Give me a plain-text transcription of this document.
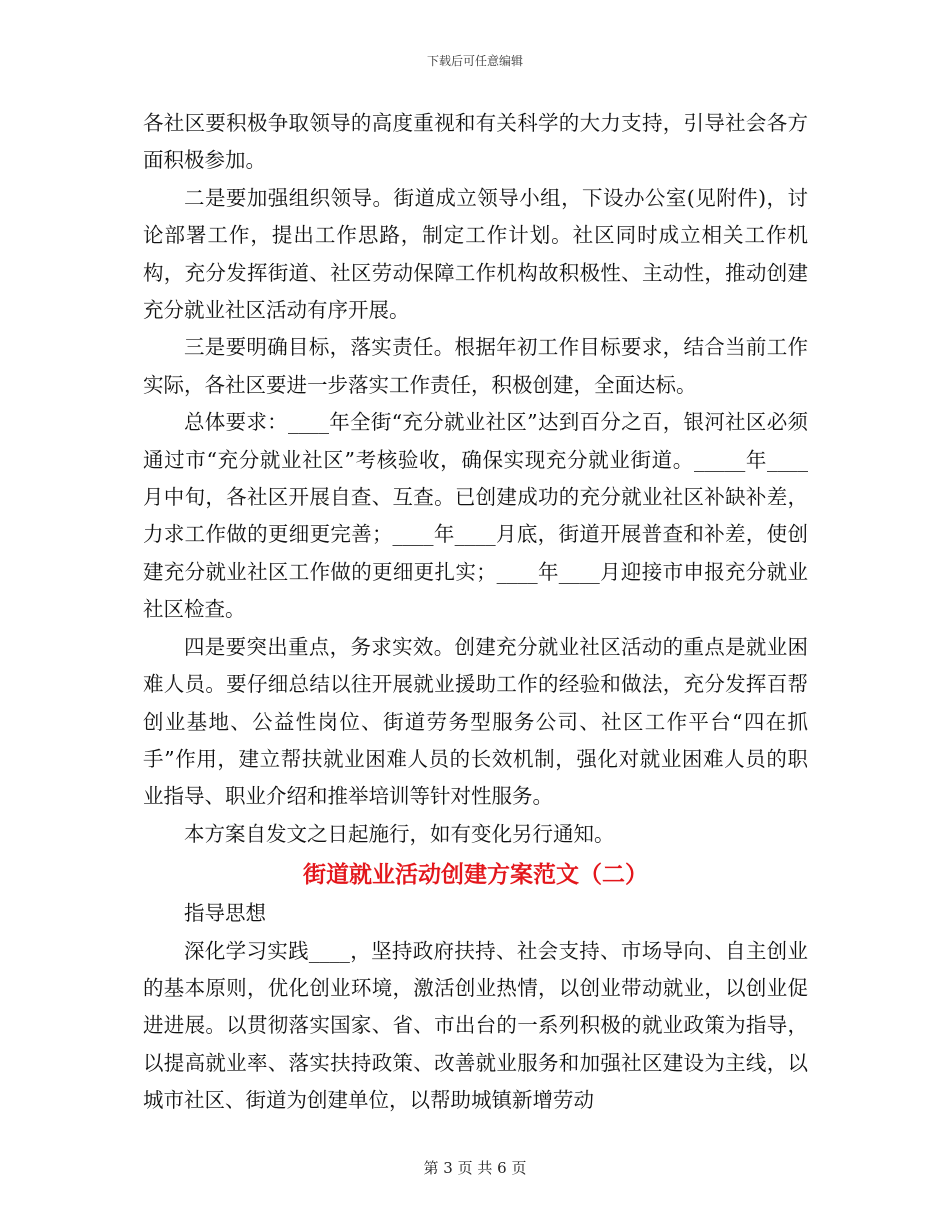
下载后可任意编辑

各社区要积极争取领导的高度重视和有关科学的大力支持，引导社会各方面积极参加。

二是要加强组织领导。街道成立领导小组，下设办公室(见附件)，讨论部署工作，提出工作思路，制定工作计划。社区同时成立相关工作机构，充分发挥街道、社区劳动保障工作机构故积极性、主动性，推动创建充分就业社区活动有序开展。

三是要明确目标，落实责任。根据年初工作目标要求，结合当前工作实际，各社区要进一步落实工作责任，积极创建，全面达标。

总体要求：____年全街“充分就业社区”达到百分之百，银河社区必须通过市“充分就业社区”考核验收，确保实现充分就业街道。_____年____月中旬，各社区开展自查、互查。已创建成功的充分就业社区补缺补差，力求工作做的更细更完善；____年____月底，街道开展普查和补差，使创建充分就业社区工作做的更细更扎实；____年____月迎接市申报充分就业社区检查。

四是要突出重点，务求实效。创建充分就业社区活动的重点是就业困难人员。要仔细总结以往开展就业援助工作的经验和做法，充分发挥百帮创业基地、公益性岗位、街道劳务型服务公司、社区工作平台“四在抓手”作用，建立帮扶就业困难人员的长效机制，强化对就业困难人员的职业指导、职业介绍和推举培训等针对性服务。

本方案自发文之日起施行，如有变化另行通知。

街道就业活动创建方案范文（二）

指导思想

深化学习实践____，坚持政府扶持、社会支持、市场导向、自主创业的基本原则，优化创业环境，激活创业热情，以创业带动就业，以创业促进进展。以贯彻落实国家、省、市出台的一系列积极的就业政策为指导，以提高就业率、落实扶持政策、改善就业服务和加强社区建设为主线，以城市社区、街道为创建单位，以帮助城镇新增劳动

第 3 页 共 6 页
